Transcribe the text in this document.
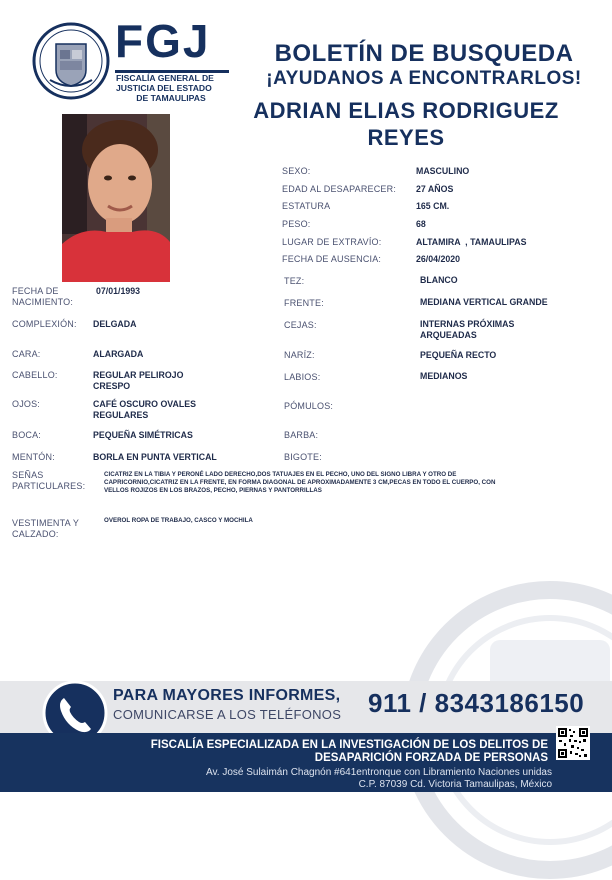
FGJ
FISCALÍA GENERAL DE
JUSTICIA DEL ESTADO
DE TAMAULIPAS
BOLETÍN DE BUSQUEDA
¡AYUDANOS A ENCONTRARLOS!
ADRIAN ELIAS RODRIGUEZ
REYES
SEXO:	MASCULINO
EDAD AL DESAPARECER: 27 AÑOS
ESTATURA	165 CM.
PESO:	68
LUGAR DE EXTRAVÍO:	ALTAMIRA  , TAMAULIPAS
FECHA DE AUSENCIA:	26/04/2020
FECHA DE
NACIMIENTO:
07/01/1993
COMPLEXIÓN: DELGADA
CARA:	ALARGADA
CABELLO:	REGULAR PELIROJO
CRESPO
OJOS:	CAFÉ OSCURO OVALES
REGULARES
BOCA:	PEQUEÑA SIMÉTRICAS
MENTÓN:	BORLA EN PUNTA VERTICAL
TEZ:	BLANCO
FRENTE:	MEDIANA VERTICAL GRANDE
CEJAS:	INTERNAS PRÓXIMAS
ARQUEADAS
NARÍZ:	PEQUEÑA RECTO
LABIOS:	MEDIANOS
PÓMULOS:
BARBA:
BIGOTE:
SEÑAS
PARTICULARES:
CICATRIZ EN LA TIBIA Y PERONÉ LADO DERECHO,DOS TATUAJES EN EL PECHO, UNO DEL SIGNO LIBRA Y OTRO DE
CAPRICORNIO,CICATRIZ EN LA FRENTE, EN FORMA DIAGONAL DE APROXIMADAMENTE 3 CM,PECAS EN TODO EL CUERPO, CON
VELLOS ROJIZOS EN LOS BRAZOS, PECHO, PIERNAS Y PANTORRILLAS
VESTIMENTA Y
CALZADO:
OVEROL ROPA DE TRABAJO, CASCO Y MOCHILA
PARA MAYORES INFORMES,
COMUNICARSE A LOS TELÉFONOS 911 / 8343186150
FISCALÍA ESPECIALIZADA EN LA INVESTIGACIÓN DE LOS DELITOS DE
DESAPARICIÓN FORZADA DE PERSONAS
Av. José Sulaimán Chagnón #641entronque con Libramiento Naciones unidas
C.P. 87039 Cd. Victoria Tamaulipas, México
